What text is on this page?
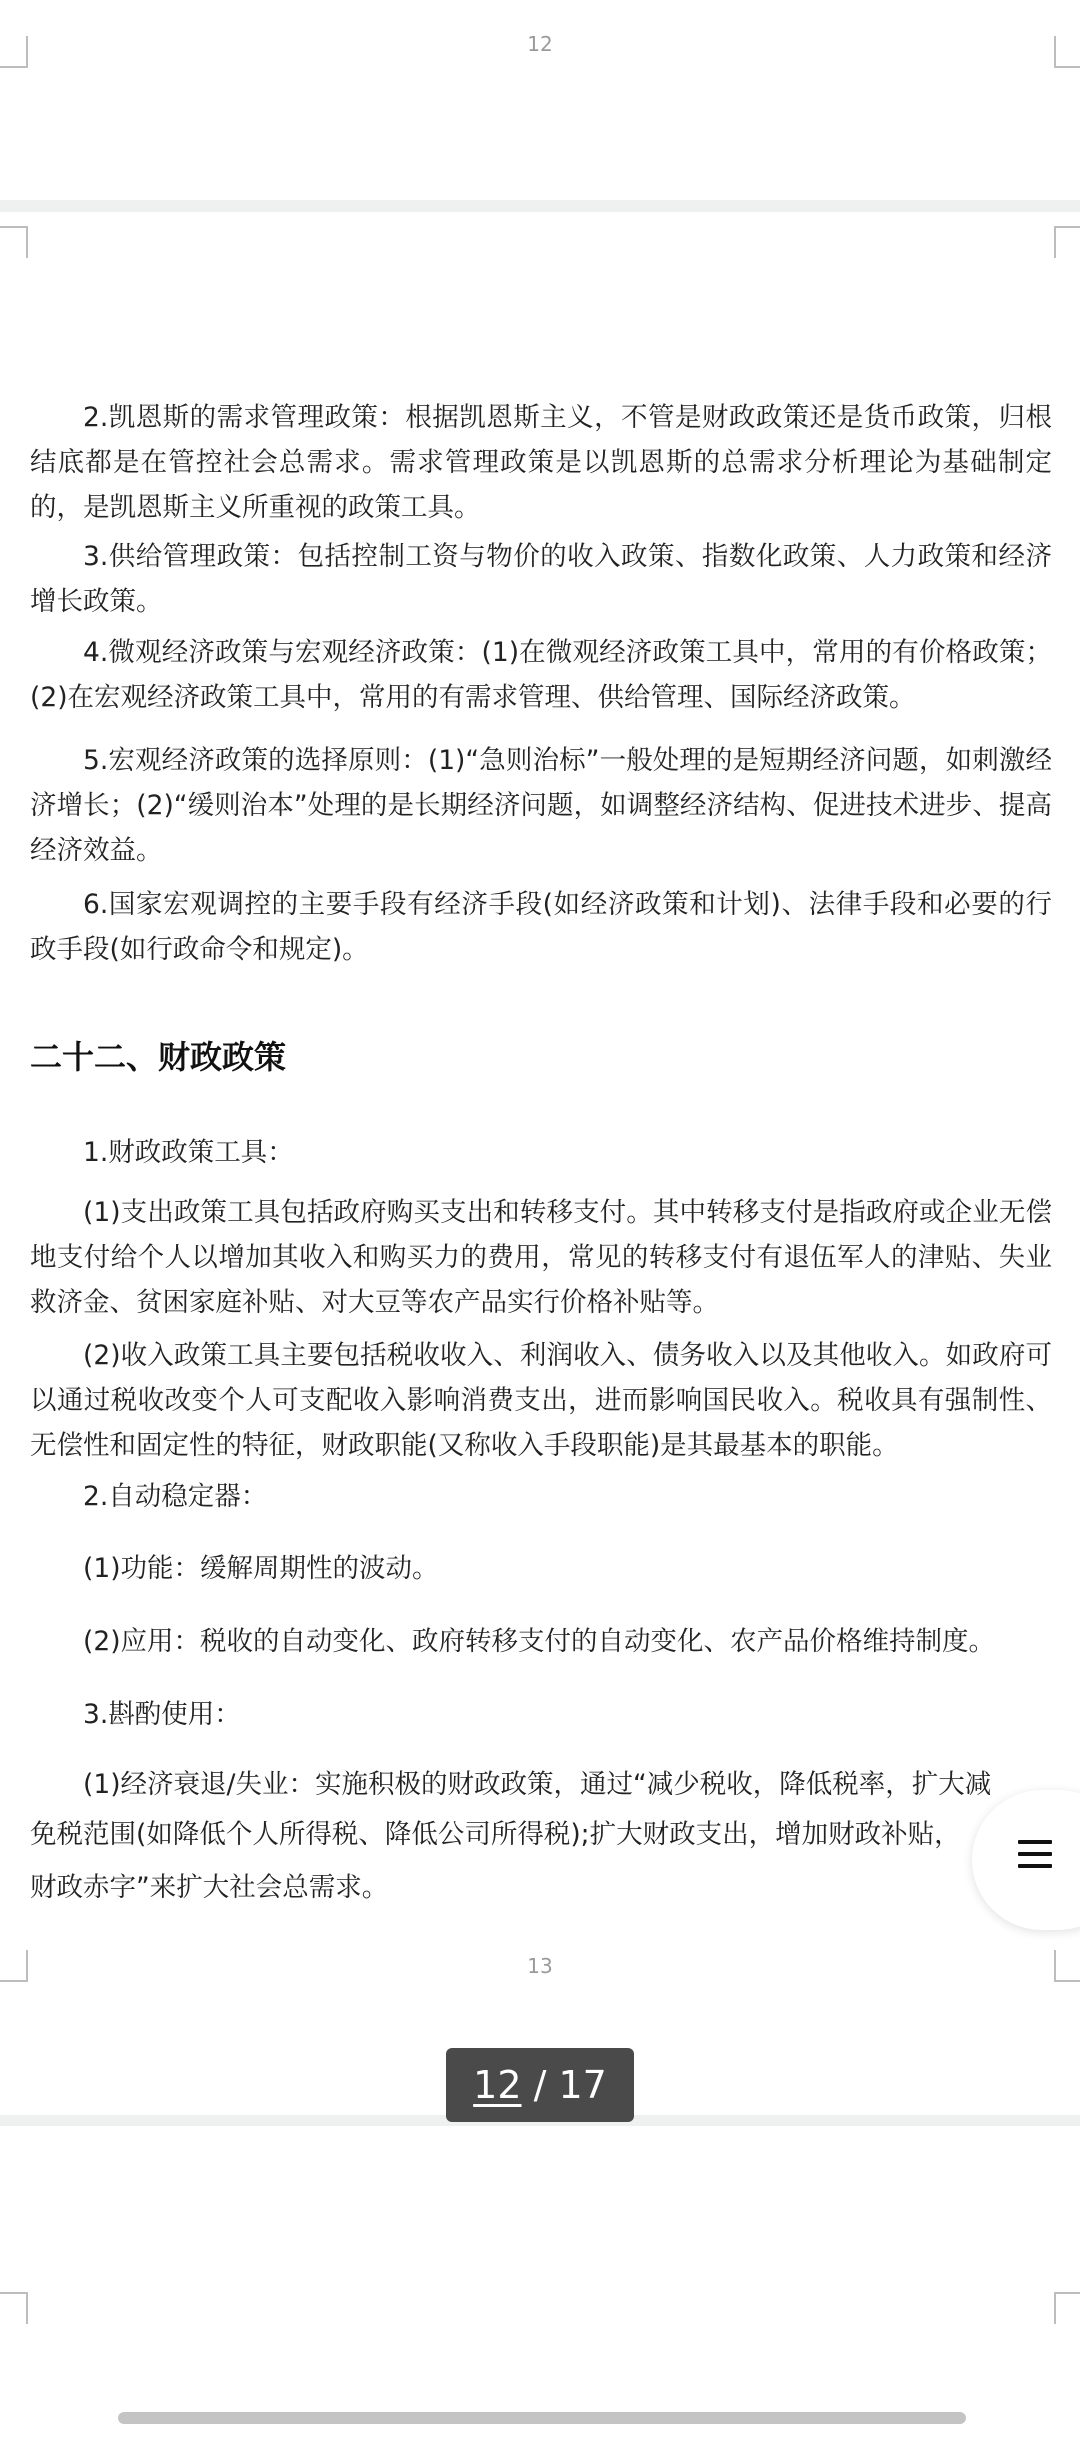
12

2.凯恩斯的需求管理政策：根据凯恩斯主义，不管是财政政策还是货币政策，归根结底都是在管控社会总需求。需求管理政策是以凯恩斯的总需求分析理论为基础制定的，是凯恩斯主义所重视的政策工具。

3.供给管理政策：包括控制工资与物价的收入政策、指数化政策、人力政策和经济增长政策。

4.微观经济政策与宏观经济政策：(1)在微观经济政策工具中，常用的有价格政策；(2)在宏观经济政策工具中，常用的有需求管理、供给管理、国际经济政策。

5.宏观经济政策的选择原则：(1)“急则治标”一般处理的是短期经济问题，如刺激经济增长；(2)“缓则治本”处理的是长期经济问题，如调整经济结构、促进技术进步、提高经济效益。

6.国家宏观调控的主要手段有经济手段(如经济政策和计划)、法律手段和必要的行政手段(如行政命令和规定)。

二十二、财政政策

1.财政政策工具：

(1)支出政策工具包括政府购买支出和转移支付。其中转移支付是指政府或企业无偿地支付给个人以增加其收入和购买力的费用，常见的转移支付有退伍军人的津贴、失业救济金、贫困家庭补贴、对大豆等农产品实行价格补贴等。

(2)收入政策工具主要包括税收收入、利润收入、债务收入以及其他收入。如政府可以通过税收改变个人可支配收入影响消费支出，进而影响国民收入。税收具有强制性、无偿性和固定性的特征，财政职能(又称收入手段职能)是其最基本的职能。

2.自动稳定器：

(1)功能：缓解周期性的波动。

(2)应用：税收的自动变化、政府转移支付的自动变化、农产品价格维持制度。

3.斟酌使用：

(1)经济衰退/失业：实施积极的财政政策，通过“减少税收，降低税率，扩大减

免税范围(如降低个人所得税、降低公司所得税);扩大财政支出，增加财政补贴，

财政赤字”来扩大社会总需求。

13
12 / 17
